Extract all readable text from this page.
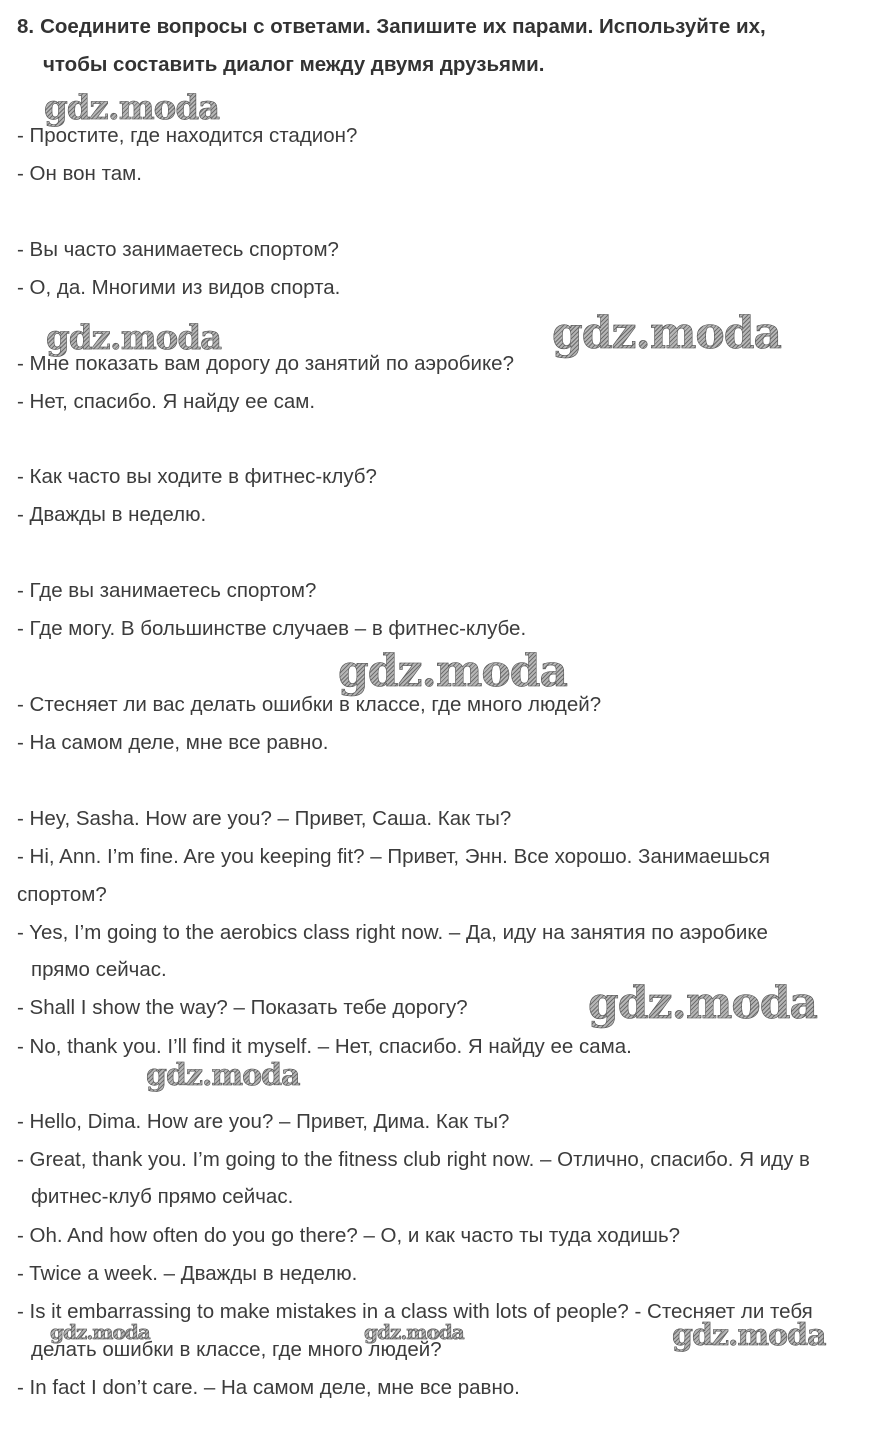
8. Соедините вопросы с ответами. Запишите их парами. Используйте их,
чтобы составить диалог между двумя друзьями.
gdz.moda
gdz.moda	gdz.moda
gdz.moda
gdz.moda
gdz.moda
gdz.moda	gdz.moda	gdz.moda
- Простите, где находится стадион?
- Он вон там.
- Вы часто занимаетесь спортом?
- О, да. Многими из видов спорта.
- Мне показать вам дорогу до занятий по аэробике?
- Нет, спасибо. Я найду ее сам.
- Как часто вы ходите в фитнес-клуб?
- Дважды в неделю.
- Где вы занимаетесь спортом?
- Где могу. В большинстве случаев – в фитнес-клубе.
- Стесняет ли вас делать ошибки в классе, где много людей?
- На самом деле, мне все равно.
- Hey, Sasha. How are you? – Привет, Саша. Как ты?
- Hi, Ann. I’m fine. Are you keeping fit? – Привет, Энн. Все хорошо. Занимаешься
спортом?
- Yes, I’m going to the aerobics class right now. – Да, иду на занятия по аэробике
прямо сейчас.
- Shall I show the way? – Показать тебе дорогу?
- No, thank you. I’ll find it myself. – Нет, спасибо. Я найду ее сама.
- Hello, Dima. How are you? – Привет, Дима. Как ты?
- Great, thank you. I’m going to the fitness club right now. – Отлично, спасибо. Я иду в
фитнес-клуб прямо сейчас.
- Oh. And how often do you go there? – О, и как часто ты туда ходишь?
- Twice a week. – Дважды в неделю.
- Is it embarrassing to make mistakes in a class with lots of people? - Стесняет ли тебя
делать ошибки в классе, где много людей?
- In fact I don’t care. – На самом деле, мне все равно.
